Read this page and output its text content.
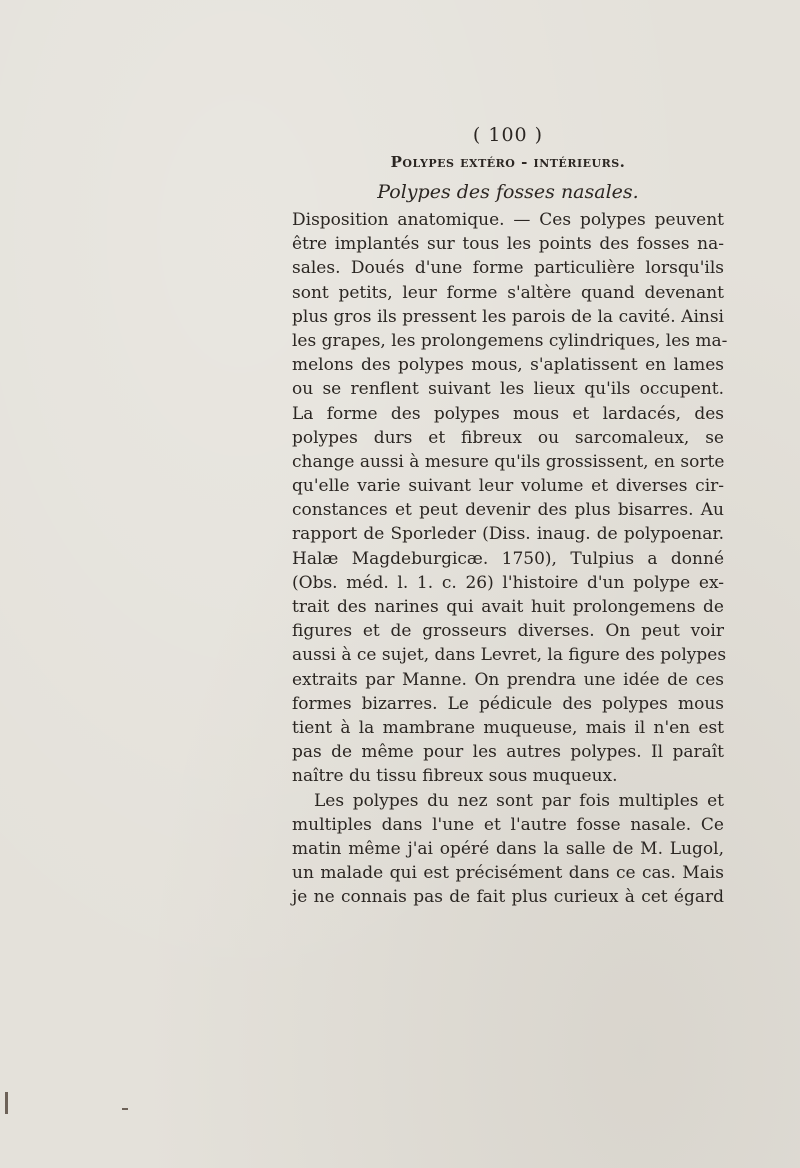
( 100 )
Polypes extéro - intérieurs.
Polypes des fosses nasales.
Disposition anatomique. — Ces polypes peuvent
être implantés sur tous les points des fosses na-
sales. Doués d'une forme particulière lorsqu'ils
sont petits, leur forme s'altère quand devenant
plus gros ils pressent les parois de la cavité. Ainsi
les grapes, les prolongemens cylindriques, les ma-
melons des polypes mous, s'aplatissent en lames
ou se renflent suivant les lieux qu'ils occupent.
La forme des polypes mous et lardacés, des
polypes durs et fibreux ou sarcomaleux, se
change aussi à mesure qu'ils grossissent, en sorte
qu'elle varie suivant leur volume et diverses cir-
constances et peut devenir des plus bisarres. Au
rapport de Sporleder (Diss. inaug. de polypoenar.
Halæ Magdeburgicæ. 1750), Tulpius a donné
(Obs. méd. l. 1. c. 26) l'histoire d'un polype ex-
trait des narines qui avait huit prolongemens de
figures et de grosseurs diverses. On peut voir
aussi à ce sujet, dans Levret, la figure des polypes
extraits par Manne. On prendra une idée de ces
formes bizarres. Le pédicule des polypes mous
tient à la mambrane muqueuse, mais il n'en est
pas de même pour les autres polypes. Il paraît
naître du tissu fibreux sous muqueux.
Les polypes du nez sont par fois multiples et
multiples dans l'une et l'autre fosse nasale. Ce
matin même j'ai opéré dans la salle de M. Lugol,
un malade qui est précisément dans ce cas. Mais
je ne connais pas de fait plus curieux à cet égard
